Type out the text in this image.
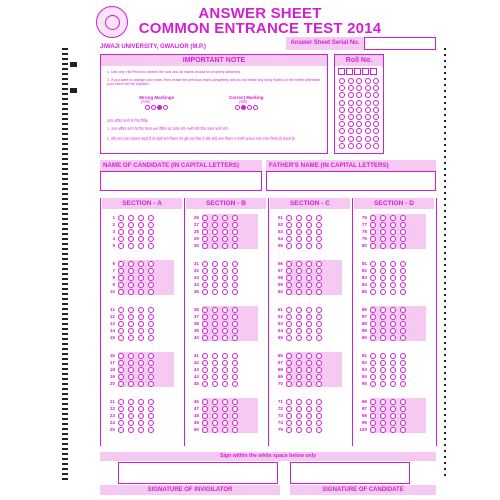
ANSWER SHEET
COMMON ENTRANCE TEST 2014
JIWAJI UNIVERSITY, GWALIOR (M.P.)
Answer Sheet Serial No.
IMPORTANT NOTE
1. Use only HB Pencil to darken the oval and all marks should be properly darkened.
2. If you want to change your mark, then erase the previous mark completely and do not make any stray marks on the sheet otherwise your sheet will be rejected.
Wrong Markings
(गलत)
Correct Marking
(सही)
उत्तर अंकित करने के लिए निर्देश
1. उत्तर अंकित करने के लिए केवल HB पेंसिल का प्रयोग करें। सभी गोले ठीक प्रकार काले करें।
2. यदि आप उत्तर बदलना चाहते हैं तो पहले वाले निशान को पूरी तरह मिटा दें और कोई अन्य निशान न लगाएँ अन्यथा उत्तर पत्रक निरस्त हो सकता है।
Roll No.
NAME OF CANDIDATE (IN CAPITAL LETTERS)	FATHER'S NAME (IN CAPITAL LETTERS)
SECTION - A	SECTION - B	SECTION - C	SECTION - D
1
2
3
4
5
6
7
8
9
10
11
12
13
14
15
16
17
18
19
20
21
22
23
24
25
26
27
28
29
30
31
32
33
34
35
36
37
38
39
40
41
42
43
44
45
46
47
48
49
50
51
52
53
54
55
56
57
58
59
60
61
62
63
64
65
66
67
68
69
70
71
72
73
74
75
76
77
78
79
80
81
82
83
84
85
86
87
88
89
90
91
92
93
94
95
96
97
98
99
100
Sign within the white space below only
SIGNATURE OF INVIGILATOR	SIGNATURE OF CANDIDATE
